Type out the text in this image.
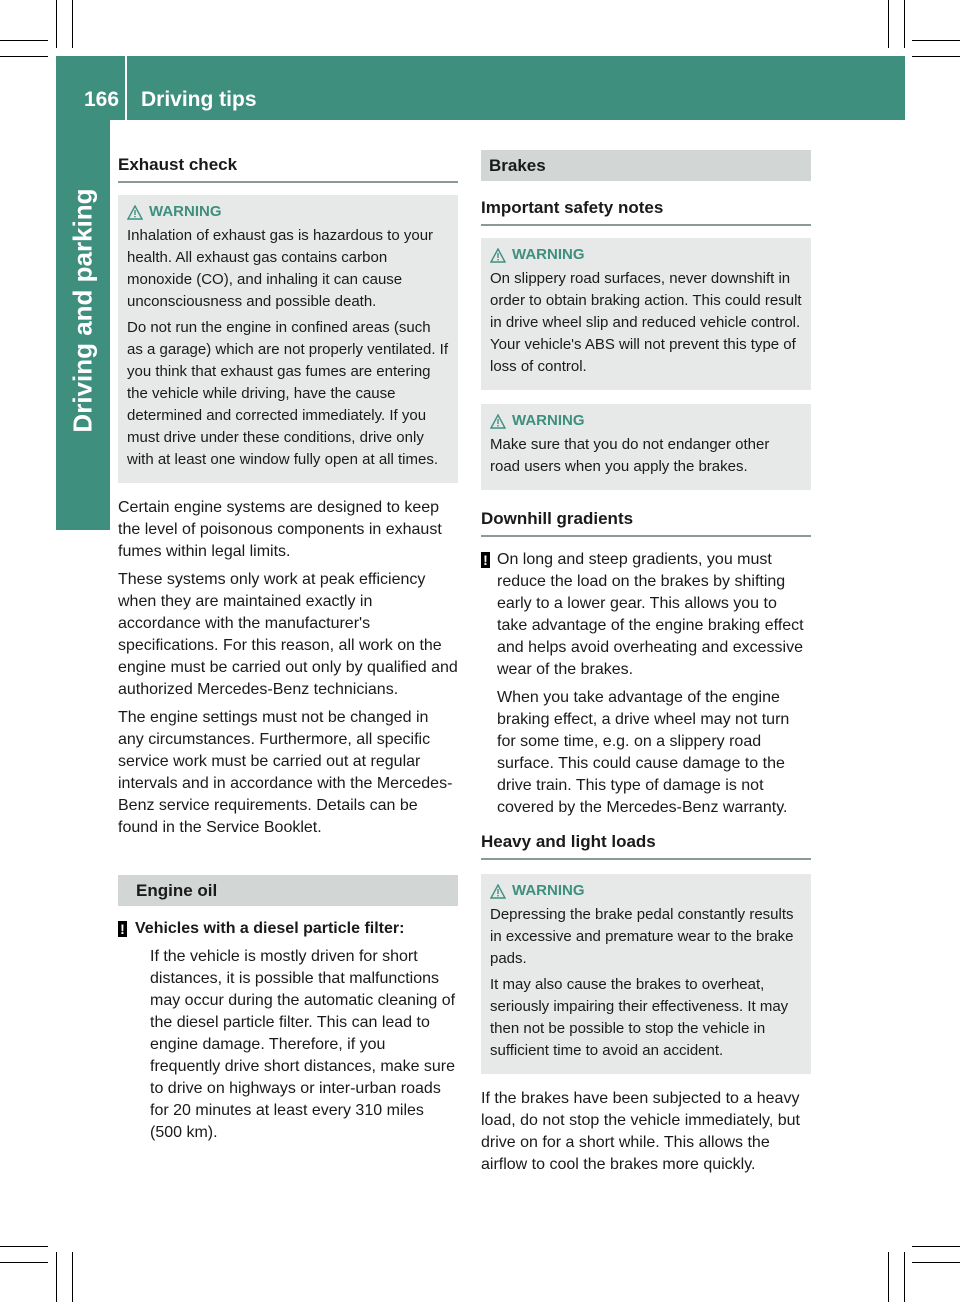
166 Driving tips
Driving and parking
Exhaust check
WARNING

Inhalation of exhaust gas is hazardous to your health. All exhaust gas contains carbon monoxide (CO), and inhaling it can cause unconsciousness and possible death.

Do not run the engine in confined areas (such as a garage) which are not properly ventilated. If you think that exhaust gas fumes are entering the vehicle while driving, have the cause determined and corrected immediately. If you must drive under these conditions, drive only with at least one window fully open at all times.

Certain engine systems are designed to keep the level of poisonous components in exhaust fumes within legal limits.

These systems only work at peak efficiency when they are maintained exactly in accordance with the manufacturer's specifications. For this reason, all work on the engine must be carried out only by qualified and authorized Mercedes-Benz technicians.

The engine settings must not be changed in any circumstances. Furthermore, all specific service work must be carried out at regular intervals and in accordance with the Mercedes-Benz service requirements. Details can be found in the Service Booklet.

Engine oil
! Vehicles with a diesel particle filter:

If the vehicle is mostly driven for short distances, it is possible that malfunctions may occur during the automatic cleaning of the diesel particle filter. This can lead to engine damage. Therefore, if you frequently drive short distances, make sure to drive on highways or inter-urban roads for 20 minutes at least every 310 miles (500 km).

Brakes
Important safety notes
WARNING

On slippery road surfaces, never downshift in order to obtain braking action. This could result in drive wheel slip and reduced vehicle control. Your vehicle's ABS will not prevent this type of loss of control.

WARNING

Make sure that you do not endanger other road users when you apply the brakes.

Downhill gradients
! On long and steep gradients, you must reduce the load on the brakes by shifting early to a lower gear. This allows you to take advantage of the engine braking effect and helps avoid overheating and excessive wear of the brakes.

When you take advantage of the engine braking effect, a drive wheel may not turn for some time, e.g. on a slippery road surface. This could cause damage to the drive train. This type of damage is not covered by the Mercedes-Benz warranty.

Heavy and light loads
WARNING

Depressing the brake pedal constantly results in excessive and premature wear to the brake pads.

It may also cause the brakes to overheat, seriously impairing their effectiveness. It may then not be possible to stop the vehicle in sufficient time to avoid an accident.

If the brakes have been subjected to a heavy load, do not stop the vehicle immediately, but drive on for a short while. This allows the airflow to cool the brakes more quickly.
